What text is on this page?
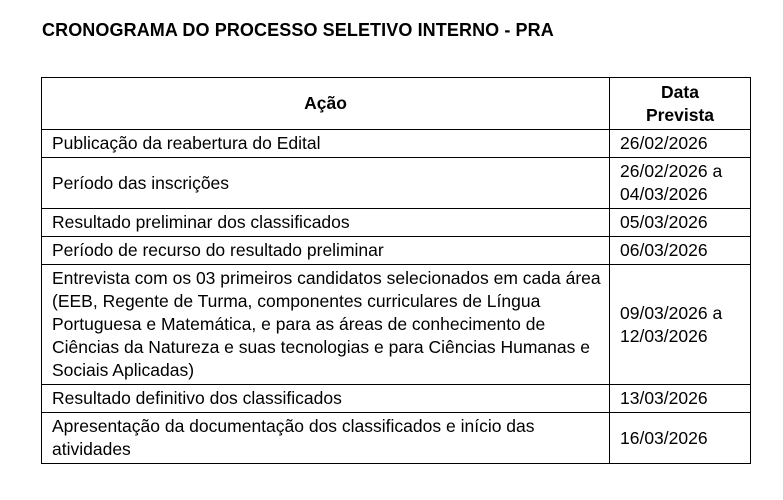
CRONOGRAMA DO PROCESSO SELETIVO INTERNO - PRA
Ação	Data
Prevista

Publicação da reabertura do Edital	26/02/2026
Período das inscrições	26/02/2026 a 04/03/2026
Resultado preliminar dos classificados	05/03/2026
Período de recurso do resultado preliminar	06/03/2026
Entrevista com os 03 primeiros candidatos selecionados em cada área (EEB, Regente de Turma, componentes curriculares de Língua Portuguesa e Matemática, e para as áreas de conhecimento de Ciências da Natureza e suas tecnologias e para Ciências Humanas e Sociais Aplicadas)	09/03/2026 a 12/03/2026
Resultado definitivo dos classificados	13/03/2026
Apresentação da documentação dos classificados e início das atividades	16/03/2026
